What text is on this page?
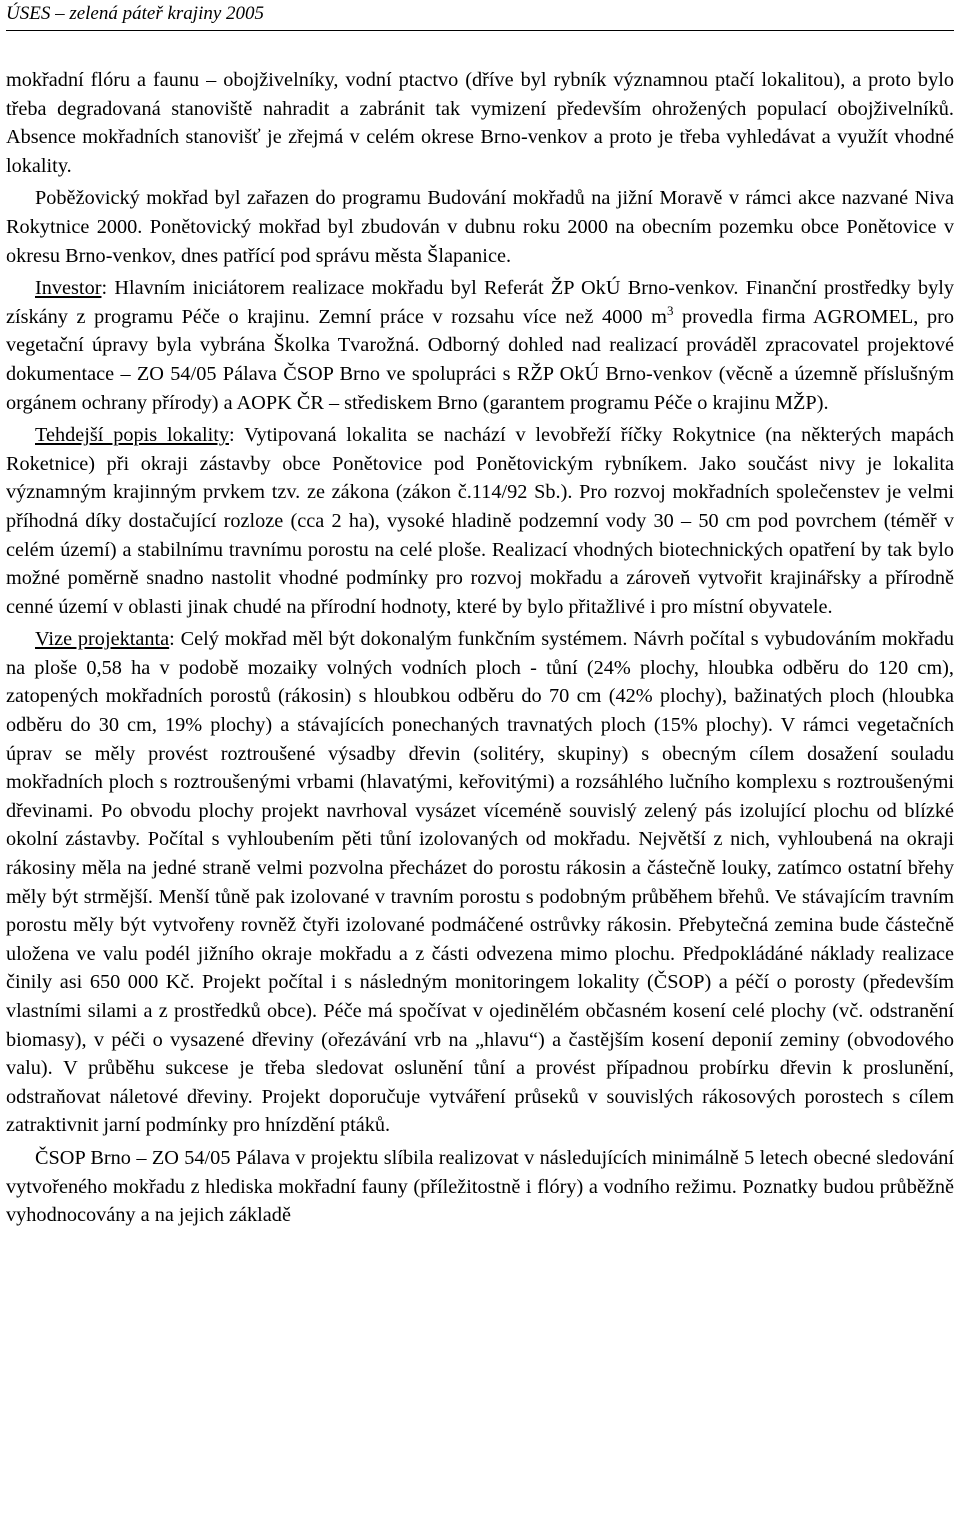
ÚSES – zelená páteř krajiny 2005

mokřadní flóru a faunu – obojživelníky, vodní ptactvo (dříve byl rybník významnou ptačí lokalitou), a proto bylo třeba degradovaná stanoviště nahradit a zabránit tak vymizení především ohrožených populací obojživelníků. Absence mokřadních stanovišť je zřejmá v celém okrese Brno-venkov a proto je třeba vyhledávat a využít vhodné lokality.

Poběžovický mokřad byl zařazen do programu Budování mokřadů na jižní Moravě v rámci akce nazvané Niva Rokytnice 2000. Ponětovický mokřad byl zbudován v dubnu roku 2000 na obecním pozemku obce Ponětovice v okresu Brno-venkov, dnes patřící pod správu města Šlapanice.

Investor: Hlavním iniciátorem realizace mokřadu byl Referát ŽP OkÚ Brno-venkov. Finanční prostředky byly získány z programu Péče o krajinu. Zemní práce v rozsahu více než 4000 $m^3$ provedla firma AGROMEL, pro vegetační úpravy byla vybrána Školka Tvarožná. Odborný dohled nad realizací prováděl zpracovatel projektové dokumentace – ZO 54/05 Pálava ČSOP Brno ve spolupráci s RŽP OkÚ Brno-venkov (věcně a územně příslušným orgánem ochrany přírody) a AOPK ČR – střediskem Brno (garantem programu Péče o krajinu MŽP).

Tehdejší popis lokality: Vytipovaná lokalita se nachází v levobřeží říčky Rokytnice (na některých mapách Roketnice) při okraji zástavby obce Ponětovice pod Ponětovickým rybníkem. Jako součást nivy je lokalita významným krajinným prvkem tzv. ze zákona (zákon č.114/92 Sb.). Pro rozvoj mokřadních společenstev je velmi příhodná díky dostačující rozloze (cca 2 ha), vysoké hladině podzemní vody 30 – 50 cm pod povrchem (téměř v celém území) a stabilnímu travnímu porostu na celé ploše. Realizací vhodných biotechnických opatření by tak bylo možné poměrně snadno nastolit vhodné podmínky pro rozvoj mokřadu a zároveň vytvořit krajinářsky a přírodně cenné území v oblasti jinak chudé na přírodní hodnoty, které by bylo přitažlivé i pro místní obyvatele.

Vize projektanta: Celý mokřad měl být dokonalým funkčním systémem. Návrh počítal s vybudováním mokřadu na ploše 0,58 ha v podobě mozaiky volných vodních ploch - tůní (24% plochy, hloubka odběru do 120 cm), zatopených mokřadních porostů (rákosin) s hloubkou odběru do 70 cm (42% plochy), bažinatých ploch (hloubka odběru do 30 cm, 19% plochy) a stávajících ponechaných travnatých ploch (15% plochy). V rámci vegetačních úprav se měly provést roztroušené výsadby dřevin (solitéry, skupiny) s obecným cílem dosažení souladu mokřadních ploch s roztroušenými vrbami (hlavatými, keřovitými) a rozsáhlého lučního komplexu s roztroušenými dřevinami. Po obvodu plochy projekt navrhoval vysázet víceméně souvislý zelený pás izolující plochu od blízké okolní zástavby. Počítal s vyhloubením pěti tůní izolovaných od mokřadu. Největší z nich, vyhloubená na okraji rákosiny měla na jedné straně velmi pozvolna přecházet do porostu rákosin a částečně louky, zatímco ostatní břehy měly být strmější. Menší tůně pak izolované v travním porostu s podobným průběhem břehů. Ve stávajícím travním porostu měly být vytvořeny rovněž čtyři izolované podmáčené ostrůvky rákosin. Přebytečná zemina bude částečně uložena ve valu podél jižního okraje mokřadu a z části odvezena mimo plochu. Předpokládáné náklady realizace činily asi 650 000 Kč. Projekt počítal i s následným monitoringem lokality (ČSOP) a péčí o porosty (především vlastními silami a z prostředků obce). Péče má spočívat v ojedinělém občasném kosení celé plochy (vč. odstranění biomasy), v péči o vysazené dřeviny (ořezávání vrb na „hlavu“) a častějším kosení deponií zeminy (obvodového valu). V průběhu sukcese je třeba sledovat oslunění tůní a provést případnou probírku dřevin k proslunění, odstraňovat náletové dřeviny. Projekt doporučuje vytváření průseků v souvislých rákosových porostech s cílem zatraktivnit jarní podmínky pro hnízdění ptáků.

ČSOP Brno – ZO 54/05 Pálava v projektu slíbila realizovat v následujících minimálně 5 letech obecné sledování vytvořeného mokřadu z hlediska mokřadní fauny (příležitostně i flóry) a vodního režimu. Poznatky budou průběžně vyhodnocovány a na jejich základě
